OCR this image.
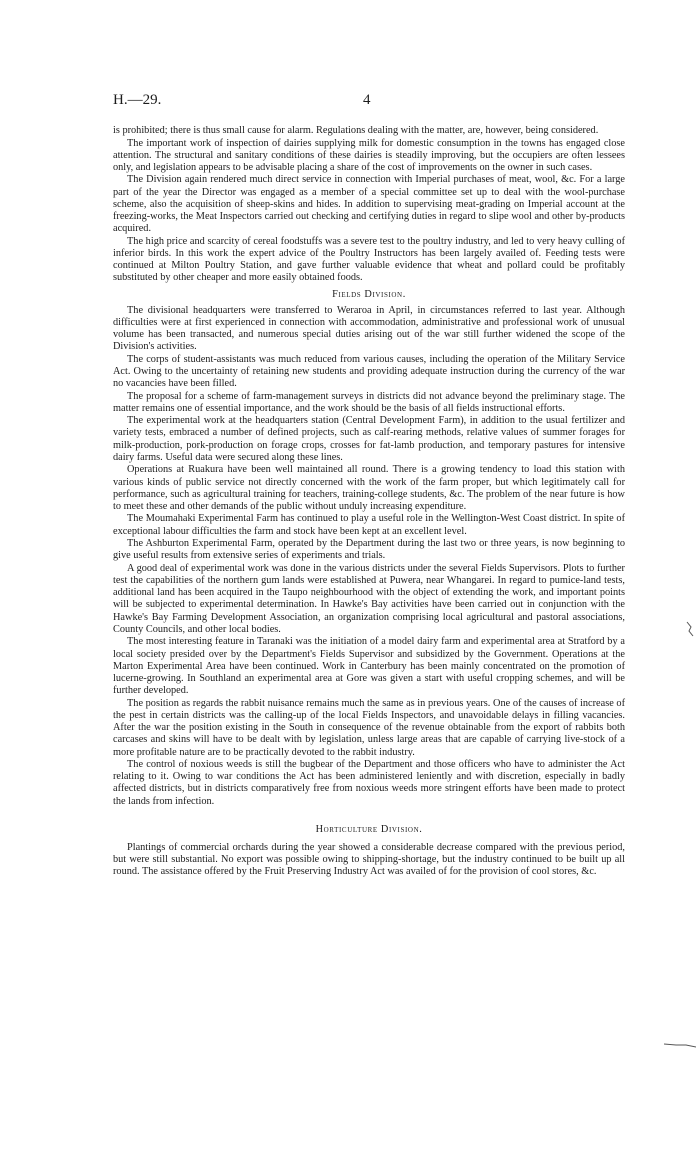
H.—29.	4

is prohibited; there is thus small cause for alarm. Regulations dealing with the matter, are, however, being considered.

The important work of inspection of dairies supplying milk for domestic consumption in the towns has engaged close attention. The structural and sanitary conditions of these dairies is steadily improving, but the occupiers are often lessees only, and legislation appears to be advisable placing a share of the cost of improvements on the owner in such cases.

The Division again rendered much direct service in connection with Imperial purchases of meat, wool, &c. For a large part of the year the Director was engaged as a member of a special committee set up to deal with the wool-purchase scheme, also the acquisition of sheep-skins and hides. In addition to supervising meat-grading on Imperial account at the freezing-works, the Meat Inspectors carried out checking and certifying duties in regard to slipe wool and other by-products acquired.

The high price and scarcity of cereal foodstuffs was a severe test to the poultry industry, and led to very heavy culling of inferior birds. In this work the expert advice of the Poultry Instructors has been largely availed of. Feeding tests were continued at Milton Poultry Station, and gave further valuable evidence that wheat and pollard could be profitably substituted by other cheaper and more easily obtained foods.

Fields Division.

The divisional headquarters were transferred to Weraroa in April, in circumstances referred to last year. Although difficulties were at first experienced in connection with accommodation, administrative and professional work of unusual volume has been transacted, and numerous special duties arising out of the war still further widened the scope of the Division's activities.

The corps of student-assistants was much reduced from various causes, including the operation of the Military Service Act. Owing to the uncertainty of retaining new students and providing adequate instruction during the currency of the war no vacancies have been filled.

The proposal for a scheme of farm-management surveys in districts did not advance beyond the preliminary stage. The matter remains one of essential importance, and the work should be the basis of all fields instructional efforts.

The experimental work at the headquarters station (Central Development Farm), in addition to the usual fertilizer and variety tests, embraced a number of defined projects, such as calf-rearing methods, relative values of summer forages for milk-production, pork-production on forage crops, crosses for fat-lamb production, and temporary pastures for intensive dairy farms. Useful data were secured along these lines.

Operations at Ruakura have been well maintained all round. There is a growing tendency to load this station with various kinds of public service not directly concerned with the work of the farm proper, but which legitimately call for performance, such as agricultural training for teachers, training-college students, &c. The problem of the near future is how to meet these and other demands of the public without unduly increasing expenditure.

The Moumahaki Experimental Farm has continued to play a useful role in the Wellington-West Coast district. In spite of exceptional labour difficulties the farm and stock have been kept at an excellent level.

The Ashburton Experimental Farm, operated by the Department during the last two or three years, is now beginning to give useful results from extensive series of experiments and trials.

A good deal of experimental work was done in the various districts under the several Fields Supervisors. Plots to further test the capabilities of the northern gum lands were established at Puwera, near Whangarei. In regard to pumice-land tests, additional land has been acquired in the Taupo neighbourhood with the object of extending the work, and important points will be subjected to experimental determination. In Hawke's Bay activities have been carried out in conjunction with the Hawke's Bay Farming Development Association, an organization comprising local agricultural and pastoral associations, County Councils, and other local bodies.

The most interesting feature in Taranaki was the initiation of a model dairy farm and experimental area at Stratford by a local society presided over by the Department's Fields Supervisor and subsidized by the Government. Operations at the Marton Experimental Area have been continued. Work in Canterbury has been mainly concentrated on the promotion of lucerne-growing. In Southland an experimental area at Gore was given a start with useful cropping schemes, and will be further developed.

The position as regards the rabbit nuisance remains much the same as in previous years. One of the causes of increase of the pest in certain districts was the calling-up of the local Fields Inspectors, and unavoidable delays in filling vacancies. After the war the position existing in the South in consequence of the revenue obtainable from the export of rabbits both carcases and skins will have to be dealt with by legislation, unless large areas that are capable of carrying live-stock of a more profitable nature are to be practically devoted to the rabbit industry.

The control of noxious weeds is still the bugbear of the Department and those officers who have to administer the Act relating to it. Owing to war conditions the Act has been administered leniently and with discretion, especially in badly affected districts, but in districts comparatively free from noxious weeds more stringent efforts have been made to protect the lands from infection.

Horticulture Division.

Plantings of commercial orchards during the year showed a considerable decrease compared with the previous period, but were still substantial. No export was possible owing to shipping-shortage, but the industry continued to be built up all round. The assistance offered by the Fruit Preserving Industry Act was availed of for the provision of cool stores, &c.
